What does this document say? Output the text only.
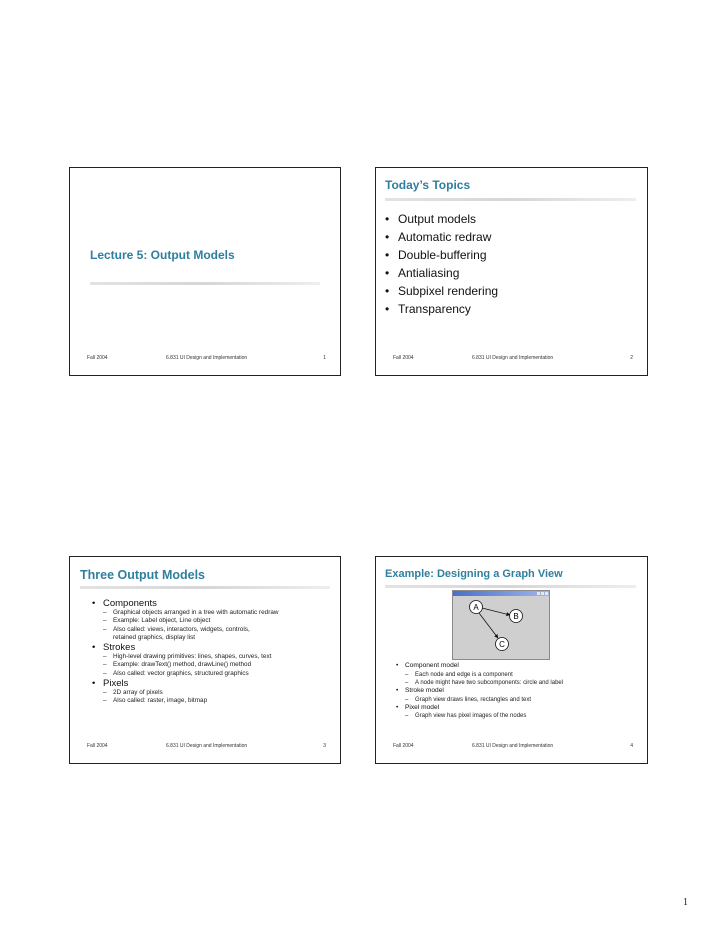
Lecture 5: Output Models
Fall 2004	6.831 UI Design and Implementation	1
Today’s Topics
• Output models
• Automatic redraw
• Double-buffering
• Antialiasing
• Subpixel rendering
• Transparency
Fall 2004	6.831 UI Design and Implementation	2
Three Output Models
• Components
– Graphical objects arranged in a tree with automatic redraw
– Example: Label object, Line object
– Also called: views, interactors, widgets, controls, retained graphics, display list
• Strokes
– High-level drawing primitives: lines, shapes, curves, text
– Example: drawText() method, drawLine() method
– Also called: vector graphics, structured graphics
• Pixels
– 2D array of pixels
– Also called: raster, image, bitmap
Fall 2004	6.831 UI Design and Implementation	3
Example: Designing a Graph View
A
B
C
• Component model
– Each node and edge is a component
– A node might have two subcomponents: circle and label
• Stroke model
– Graph view draws lines, rectangles and text
• Pixel model
– Graph view has pixel images of the nodes
Fall 2004	6.831 UI Design and Implementation	4
1
